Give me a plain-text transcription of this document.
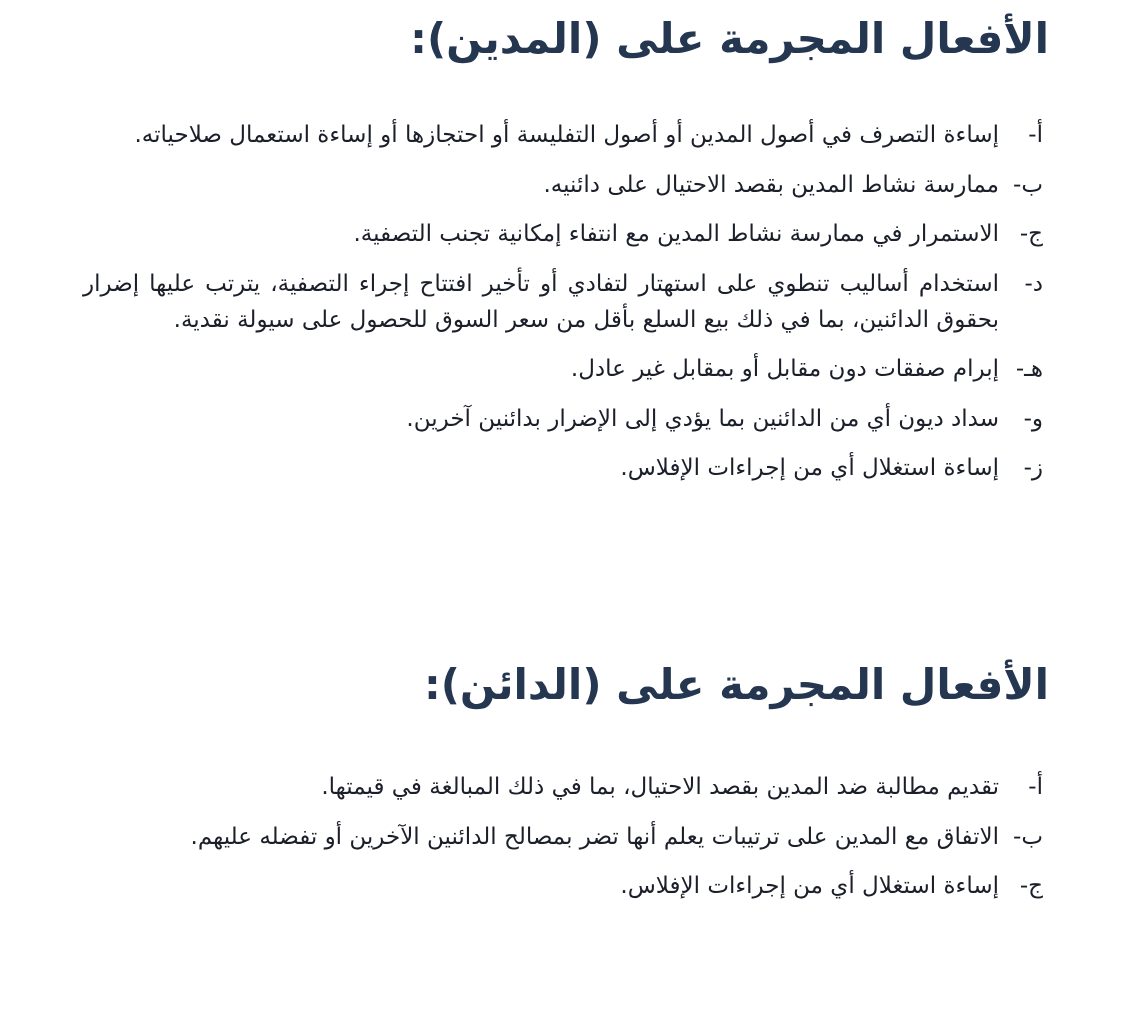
الأفعال المجرمة على (المدين):
أ-
إساءة التصرف في أصول المدين أو أصول التفليسة أو احتجازها أو إساءة استعمال صلاحياته.
ب-
ممارسة نشاط المدين بقصد الاحتيال على دائنيه.
ج-
الاستمرار في ممارسة نشاط المدين مع انتفاء إمكانية تجنب التصفية.
د-
استخدام أساليب تنطوي على استهتار لتفادي أو تأخير افتتاح إجراء التصفية، يترتب عليها إضرار بحقوق الدائنين، بما في ذلك بيع السلع بأقل من سعر السوق للحصول على سيولة نقدية.
هـ-
إبرام صفقات دون مقابل أو بمقابل غير عادل.
و-
سداد ديون أي من الدائنين بما يؤدي إلى الإضرار بدائنين آخرين.
ز-
إساءة استغلال أي من إجراءات الإفلاس.
الأفعال المجرمة على (الدائن):
أ-
تقديم مطالبة ضد المدين بقصد الاحتيال، بما في ذلك المبالغة في قيمتها.
ب-
الاتفاق مع المدين على ترتيبات يعلم أنها تضر بمصالح الدائنين الآخرين أو تفضله عليهم.
ج-
إساءة استغلال أي من إجراءات الإفلاس.
